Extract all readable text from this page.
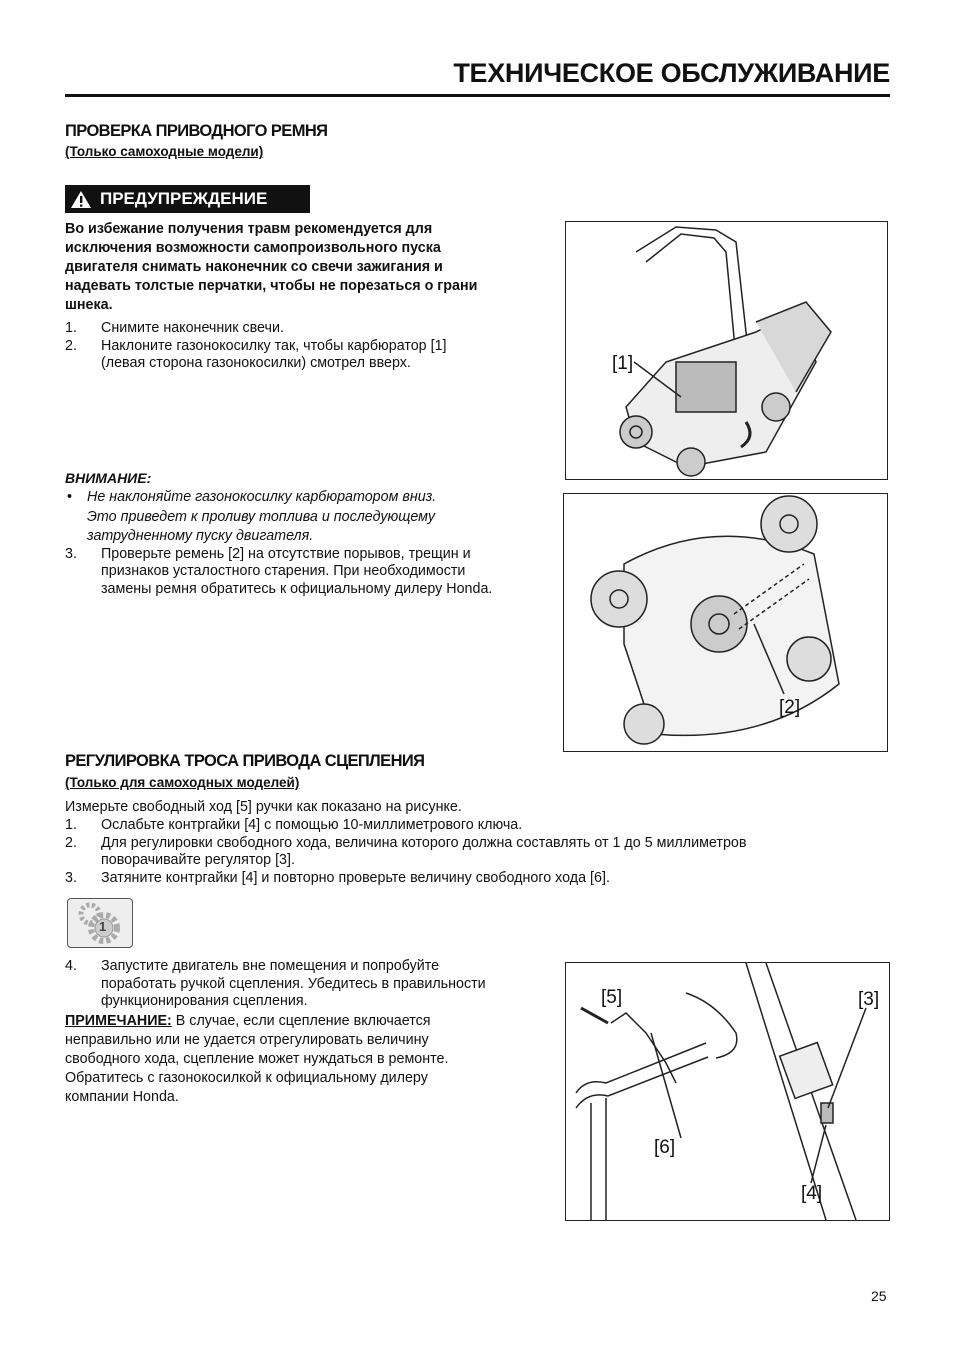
ТЕХНИЧЕСКОЕ ОБСЛУЖИВАНИЕ
ПРОВЕРКА ПРИВОДНОГО РЕМНЯ
(Только самоходные модели)
ПРЕДУПРЕЖДЕНИЕ
Во избежание получения травм рекомендуется для
исключения возможности самопроизвольного пуска
двигателя снимать наконечник со свечи зажигания и
надевать толстые перчатки, чтобы не порезаться о грани
шнека.
1.	Снимите наконечник свечи.
2.	Наклоните газонокосилку так, чтобы карбюратор [1]
(левая сторона газонокосилки) смотрел вверх.
ВНИМАНИЕ:
•	Не наклоняйте газонокосилку карбюратором вниз.
Это приведет к проливу топлива и последующему
затрудненному пуску двигателя.
3.	Проверьте ремень [2] на отсутствие порывов, трещин и
признаков усталостного старения. При необходимости
замены ремня обратитесь к официальному дилеру Honda.
[1]
[2]
РЕГУЛИРОВКА ТРОСА ПРИВОДА СЦЕПЛЕНИЯ
(Только для самоходных моделей)
Измерьте свободный ход [5] ручки как показано на рисунке.
1.	Ослабьте контргайки [4] с помощью 10-миллиметрового ключа.
2.	Для регулировки свободного хода, величина которого должна составлять от 1 до 5 миллиметров
поворачивайте регулятор [3].
3.	Затяните контргайки [4] и повторно проверьте величину свободного хода [6].
1
4.	Запустите двигатель вне помещения и попробуйте
поработать ручкой сцепления. Убедитесь в правильности
функционирования сцепления.
ПРИМЕЧАНИЕ: В случае, если сцепление включается
неправильно или не удается отрегулировать величину
свободного хода, сцепление может нуждаться в ремонте.
Обратитесь с газонокосилкой к официальному дилеру
компании Honda.
[5]	[3]
[6]
[4]
25
